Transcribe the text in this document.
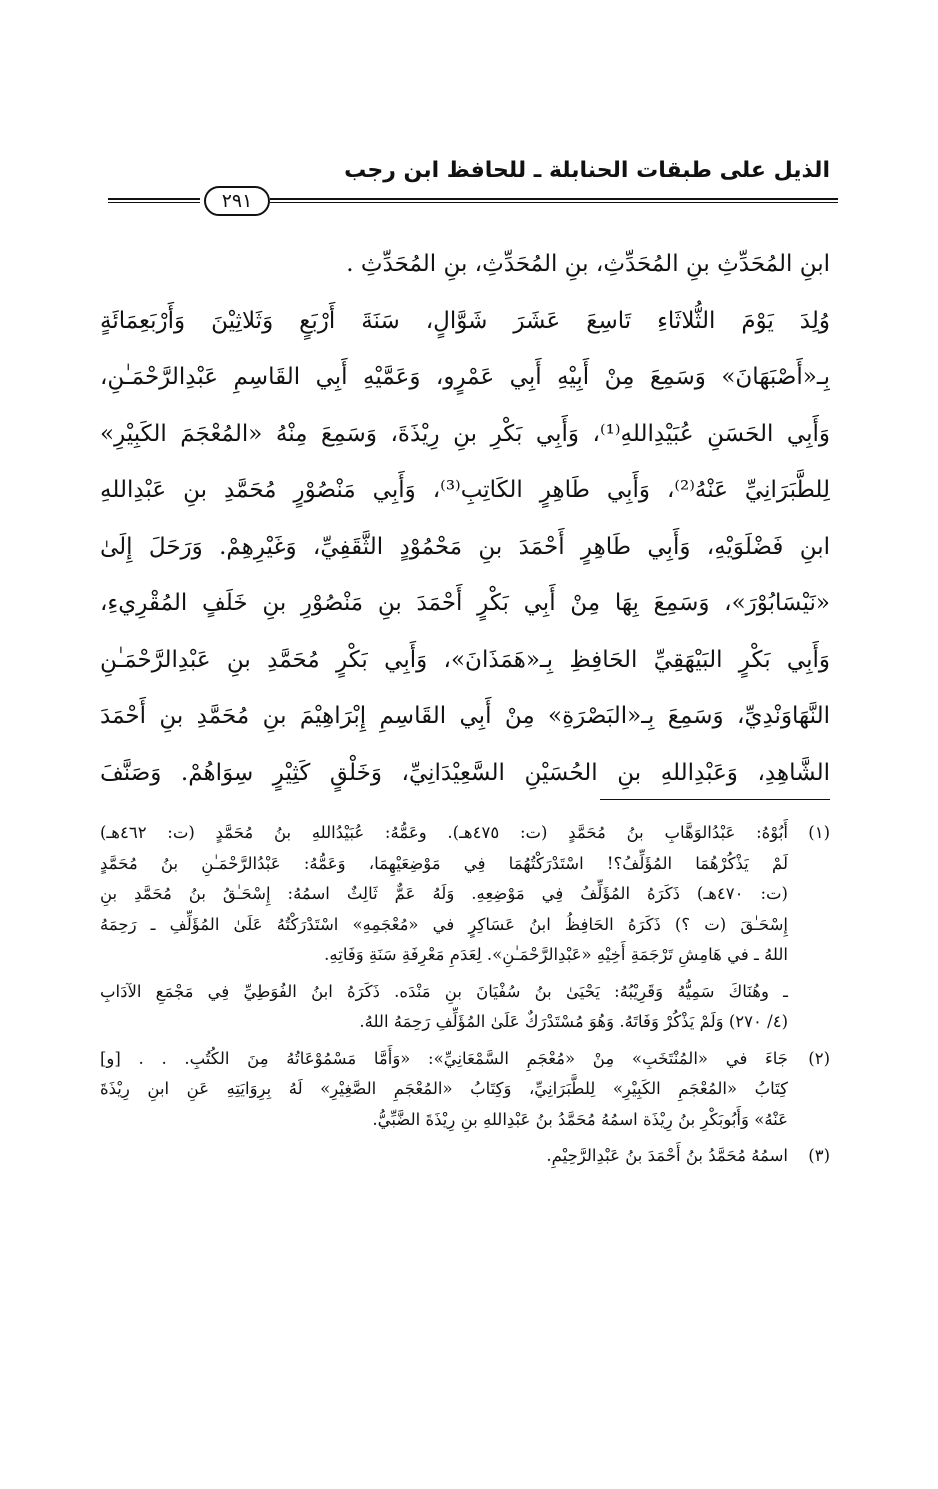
الذيل على طبقات الحنابلة ـ للحافظ ابن رجب
٢٩١
ابنِ المُحَدِّثِ بنِ المُحَدِّثِ، بنِ المُحَدِّثِ، بنِ المُحَدِّثِ .
وُلِدَ يَوْمَ الثُّلاثَاءِ تَاسِعَ عَشَرَ شَوَّالٍ، سَنَةَ أَرْبَعٍ وَثَلاثِيْنَ وَأَرْبَعِمَائَةٍ
بِـ«أَصْبَهَانَ» وَسَمِعَ مِنْ أَبِيْهِ أَبِي عَمْرٍو، وَعَمَّيْهِ أَبِي القَاسِمِ عَبْدِالرَّحْمَـٰنِ،
وَأَبِي الحَسَنِ عُبَيْدِاللهِ⁽¹⁾، وَأَبِي بَكْرِ بنِ رِيْذَةَ، وَسَمِعَ مِنْهُ «المُعْجَمَ الكَبِيْرِ»
لِلطَّبَرَانِيِّ عَنْهُ⁽²⁾، وَأَبِي طَاهِرٍ الكَاتِبِ⁽³⁾، وَأَبِي مَنْصُوْرٍ مُحَمَّدِ بنِ عَبْدِاللهِ
ابنِ فَضْلَوَيْهِ، وَأَبِي طَاهِرٍ أَحْمَدَ بنِ مَحْمُوْدٍ الثَّقَفِيِّ، وَغَيْرِهِمْ. وَرَحَلَ إِلَىٰ
«نَيْسَابُوْرَ»، وَسَمِعَ بِهَا مِنْ أَبِي بَكْرٍ أَحْمَدَ بنِ مَنْصُوْرِ بنِ خَلَفٍ المُقْرِيءِ،
وَأَبِي بَكْرٍ البَيْهَقِيِّ الحَافِظِ بِـ«هَمَذَانَ»، وَأَبِي بَكْرٍ مُحَمَّدِ بنِ عَبْدِالرَّحْمَـٰنِ
النَّهَاوَنْدِيِّ، وَسَمِعَ بِـ«البَصْرَةِ» مِنْ أَبِي القَاسِمِ إِبْرَاهِيْمَ بنِ مُحَمَّدِ بنِ أَحْمَدَ
الشَّاهِدِ، وَعَبْدِاللهِ بنِ الحُسَيْنِ السَّعِيْدَانِيِّ، وَخَلْقٍ كَثِيْرٍ سِوَاهُمْ. وَصَنَّفَ
(١)أَبُوْهُ: عَبْدُالوَهَّابِ بنُ مُحَمَّدٍ (ت: ٤٧٥هـ). وعَمُّهُ: عُبَيْدُاللهِ بنُ مُحَمَّدٍ (ت: ٤٦٢هـ)
لَمْ يَذْكُرْهُمَا المُؤَلِّفُ؟! اسْتَدْرَكْتُهُمَا فِي مَوْضِعَيْهِمَا، وَعَمُّهُ: عَبْدُالرَّحْمَـٰنِ بنُ مُحَمَّدٍ
(ت: ٤٧٠هـ) ذَكَرَهُ المُؤَلِّفُ فِي مَوْضِعِهِ. وَلَهُ عَمٌّ ثَالِثٌ اسمُهُ: إِسْحَـٰقُ بنُ مُحَمَّدِ بنِ
إِسْحَـٰقَ (ت ؟) ذَكَرَهُ الحَافِظُ ابنُ عَسَاكِرٍ في «مُعْجَمِهِ» اسْتَدْرَكْتُهُ عَلَىٰ المُؤَلِّفِ ـ رَحِمَهُ
اللهُ ـ في هَامِشِ تَرْجَمَةِ أَخِيْهِ «عَبْدِالرَّحْمَـٰنِ». لِعَدَمِ مَعْرِفَةِ سَنَةِ وَفَاتِهِ.
ـ وهُنَاكَ سَمِيُّهُ وَقَرِيْبُهُ: يَحْيَىٰ بنُ سُفْيَانَ بنِ مَنْدَه. ذَكَرَهُ ابنُ الفُوَطِيِّ فِي مَجْمَعِ الآدَابِ
(٤/ ٢٧٠) وَلَمْ يَذْكُرْ وَفَاتَهُ. وَهُوَ مُسْتَدْرَكٌ عَلَىٰ المُؤَلِّفِ رَحِمَهُ اللهُ.
(٢)جَاءَ في «المُنْتَخَبِ» مِنْ «مُعْجَمِ السَّمْعَانِيِّ»: «وَأَمَّا مَسْمُوْعَاتُهُ مِنَ الكُتُبِ. . . [و]
كِتَابُ «المُعْجَمِ الكَبِيْرِ» لِلطَّبَرَانِيِّ، وَكِتَابُ «المُعْجَمِ الصَّغِيْرِ» لَهُ بِرِوَايَتِهِ عَنِ ابنِ رِيْذَةَ
عَنْهُ» وَأَبُوبَكْرِ بنُ رِيْذَة اسمُهُ مُحَمَّدُ بنُ عَبْدِاللهِ بنِ رِيْذَةَ الضَّبِّيُّ.
(٣)اسمُهُ مُحَمَّدُ بنُ أَحْمَدَ بنُ عَبْدِالرَّحِيْمِ.
